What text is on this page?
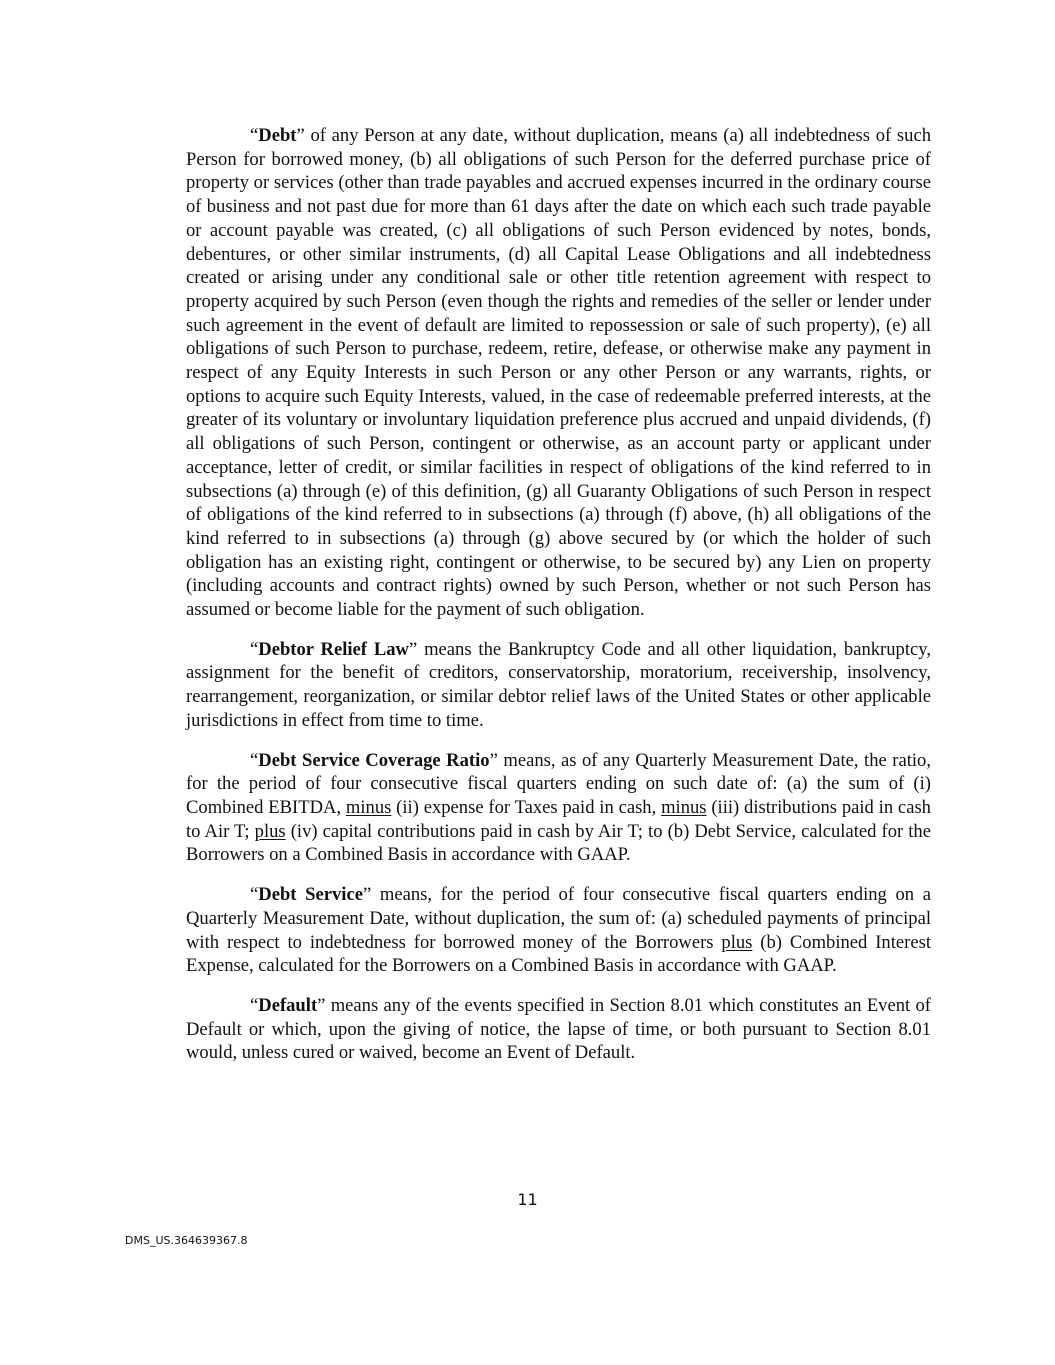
“Debt” of any Person at any date, without duplication, means (a) all indebtedness of such Person for borrowed money, (b) all obligations of such Person for the deferred purchase price of property or services (other than trade payables and accrued expenses incurred in the ordinary course of business and not past due for more than 61 days after the date on which each such trade payable or account payable was created, (c) all obligations of such Person evidenced by notes, bonds, debentures, or other similar instruments, (d) all Capital Lease Obligations and all indebtedness created or arising under any conditional sale or other title retention agreement with respect to property acquired by such Person (even though the rights and remedies of the seller or lender under such agreement in the event of default are limited to repossession or sale of such property), (e) all obligations of such Person to purchase, redeem, retire, defease, or otherwise make any payment in respect of any Equity Interests in such Person or any other Person or any warrants, rights, or options to acquire such Equity Interests, valued, in the case of redeemable preferred interests, at the greater of its voluntary or involuntary liquidation preference plus accrued and unpaid dividends, (f) all obligations of such Person, contingent or otherwise, as an account party or applicant under acceptance, letter of credit, or similar facilities in respect of obligations of the kind referred to in subsections (a) through (e) of this definition, (g) all Guaranty Obligations of such Person in respect of obligations of the kind referred to in subsections (a) through (f) above, (h) all obligations of the kind referred to in subsections (a) through (g) above secured by (or which the holder of such obligation has an existing right, contingent or otherwise, to be secured by) any Lien on property (including accounts and contract rights) owned by such Person, whether or not such Person has assumed or become liable for the payment of such obligation.

“Debtor Relief Law” means the Bankruptcy Code and all other liquidation, bankruptcy, assignment for the benefit of creditors, conservatorship, moratorium, receivership, insolvency, rearrangement, reorganization, or similar debtor relief laws of the United States or other applicable jurisdictions in effect from time to time.

“Debt Service Coverage Ratio” means, as of any Quarterly Measurement Date, the ratio, for the period of four consecutive fiscal quarters ending on such date of: (a) the sum of (i) Combined EBITDA, minus (ii) expense for Taxes paid in cash, minus (iii) distributions paid in cash to Air T; plus (iv) capital contributions paid in cash by Air T; to (b) Debt Service, calculated for the Borrowers on a Combined Basis in accordance with GAAP.

“Debt Service” means, for the period of four consecutive fiscal quarters ending on a Quarterly Measurement Date, without duplication, the sum of: (a) scheduled payments of principal with respect to indebtedness for borrowed money of the Borrowers plus (b) Combined Interest Expense, calculated for the Borrowers on a Combined Basis in accordance with GAAP.

“Default” means any of the events specified in Section 8.01 which constitutes an Event of Default or which, upon the giving of notice, the lapse of time, or both pursuant to Section 8.01 would, unless cured or waived, become an Event of Default.

11
DMS_US.364639367.8
